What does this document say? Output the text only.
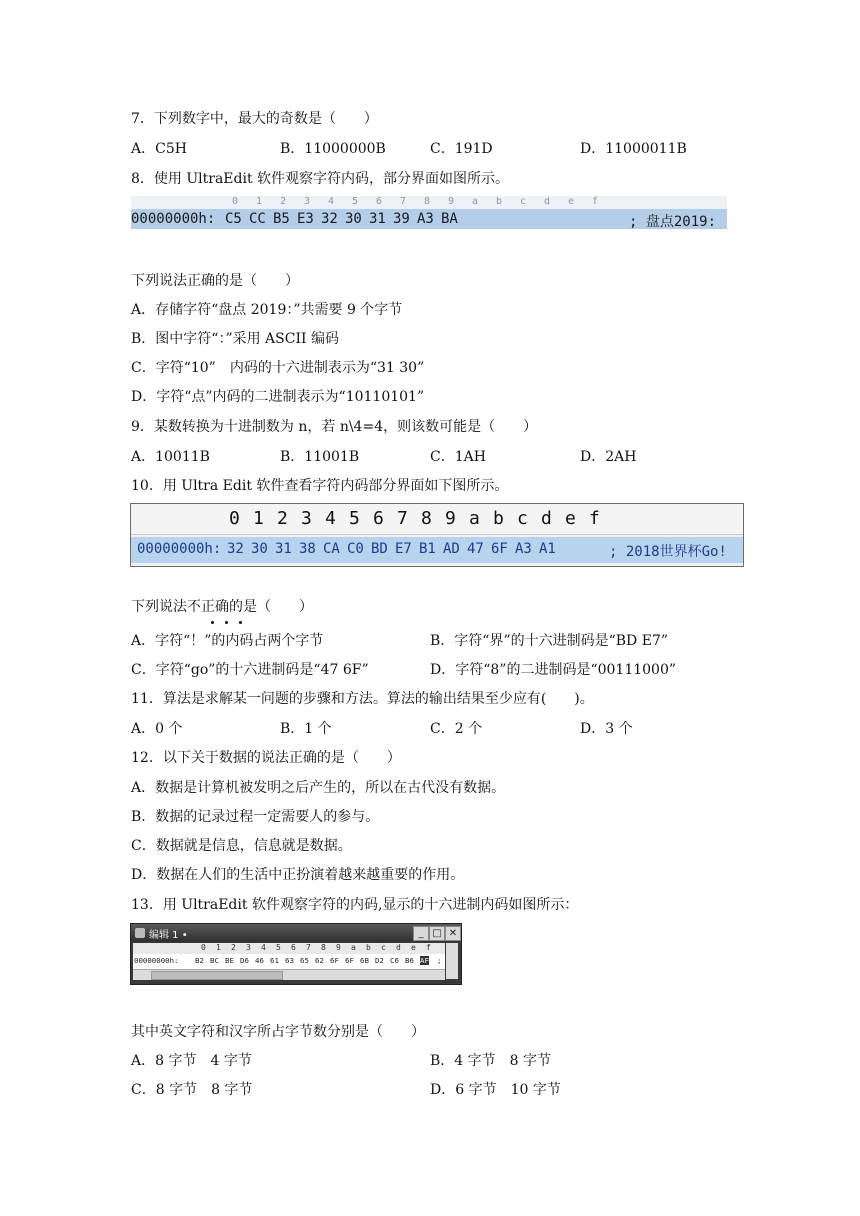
7．下列数字中，最大的奇数是（　　）
A．C5H	B．11000000B	C．191D	D．11000011B
8．使用 UltraEdit 软件观察字符内码，部分界面如图所示。
0 1 2 3 4 5 6 7 8 9 a b c d e f
00000000h: C5 CC B5 E3 32 30 31 39 A3 BA	; 盘点2019:
下列说法正确的是（　　）
A．存储字符“盘点 2019：”共需要 9 个字节
B．图中字符“：”采用 ASCII 编码
C．字符“10”　内码的十六进制表示为“31 30”
D．字符“点”内码的二进制表示为“10110101”
9．某数转换为十进制数为 n，若 n\4=4，则该数可能是（　　）
A．10011B	B．11001B	C．1AH	D．2AH
10．用 Ultra Edit 软件查看字符内码部分界面如下图所示。
0 1 2 3 4 5 6 7 8 9 a b c d e f
00000000h: 32 30 31 38 CA C0 BD E7 B1 AD 47 6F A3 A1	; 2018世界杯Go!
下列说法不正确的是（　　）
A．字符“！”的内码占两个字节	B．字符“界”的十六进制码是“BD E7”
C．字符“go”的十六进制码是“47 6F”	D．字符“8”的二进制码是“00111000”
11．算法是求解某一问题的步骤和方法。算法的输出结果至少应有(　　)。
A．0 个	B．1 个	C．2 个	D．3 个
12．以下关于数据的说法正确的是（　　）
A．数据是计算机被发明之后产生的，所以在古代没有数据。
B．数据的记录过程一定需要人的参与。
C．数据就是信息，信息就是数据。
D．数据在人们的生活中正扮演着越来越重要的作用。
13．用 UltraEdit 软件观察字符的内码,显示的十六进制内码如图所示：
编辑 1 •	_ □ ✕
0 1 2 3 4 5 6 7 8 9 a b c d e f
00000000h: B2 BC BE D6 46 61 63 65 62 6F 6F 6B D2 C6 B6 AF ;
其中英文字符和汉字所占字节数分别是（　　）
A．8 字节　4 字节	B．4 字节　8 字节
C．8 字节　8 字节	D．6 字节　10 字节
